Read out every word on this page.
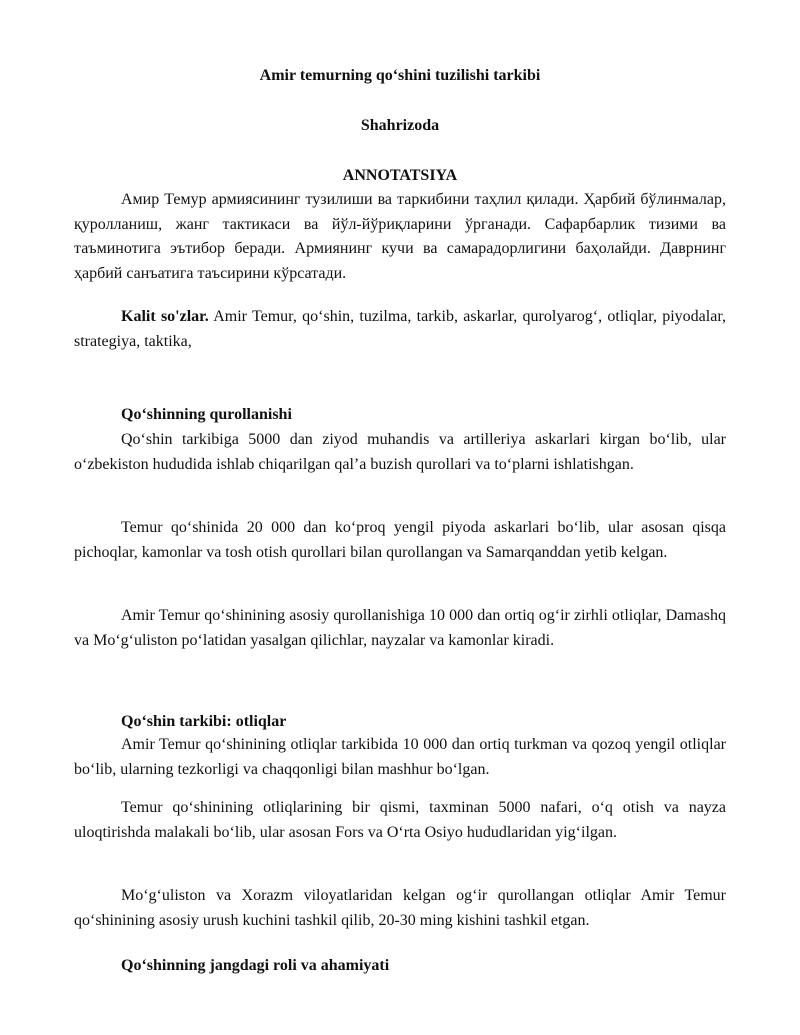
Amir temurning qo‘shini tuzilishi tarkibi
Shahrizoda
ANNOTATSIYA
Амир Темур армиясининг тузилиши ва таркибини таҳлил қилади. Ҳарбий бўлинмалар, қуролланиш, жанг тактикаси ва йўл-йўриқларини ўрганади. Сафарбарлик тизими ва таъминотига эътибор беради. Армиянинг кучи ва самарадорлигини баҳолайди. Даврнинг ҳарбий санъатига таъсирини кўрсатади.
Kalit so'zlar. Amir Temur, qo‘shin, tuzilma, tarkib, askarlar, qurolyarog‘, otliqlar, piyodalar, strategiya, taktika,
Qo‘shinning qurollanishi
Qo‘shin tarkibiga 5000 dan ziyod muhandis va artilleriya askarlari kirgan bo‘lib, ular o‘zbekiston hududida ishlab chiqarilgan qal’a buzish qurollari va to‘plarni ishlatishgan.
Temur qo‘shinida 20 000 dan ko‘proq yengil piyoda askarlari bo‘lib, ular asosan qisqa pichoqlar, kamonlar va tosh otish qurollari bilan qurollangan va Samarqanddan yetib kelgan.
Amir Temur qo‘shinining asosiy qurollanishiga 10 000 dan ortiq og‘ir zirhli otliqlar, Damashq va Mo‘g‘uliston po‘latidan yasalgan qilichlar, nayzalar va kamonlar kiradi.
Qo‘shin tarkibi: otliqlar
Amir Temur qo‘shinining otliqlar tarkibida 10 000 dan ortiq turkman va qozoq yengil otliqlar bo‘lib, ularning tezkorligi va chaqqonligi bilan mashhur bo‘lgan.
Temur qo‘shinining otliqlarining bir qismi, taxminan 5000 nafari, o‘q otish va nayza uloqtirishda malakali bo‘lib, ular asosan Fors va O‘rta Osiyo hududlaridan yig‘ilgan.
Mo‘g‘uliston va Xorazm viloyatlaridan kelgan og‘ir qurollangan otliqlar Amir Temur qo‘shinining asosiy urush kuchini tashkil qilib, 20-30 ming kishini tashkil etgan.
Qo‘shinning jangdagi roli va ahamiyati
